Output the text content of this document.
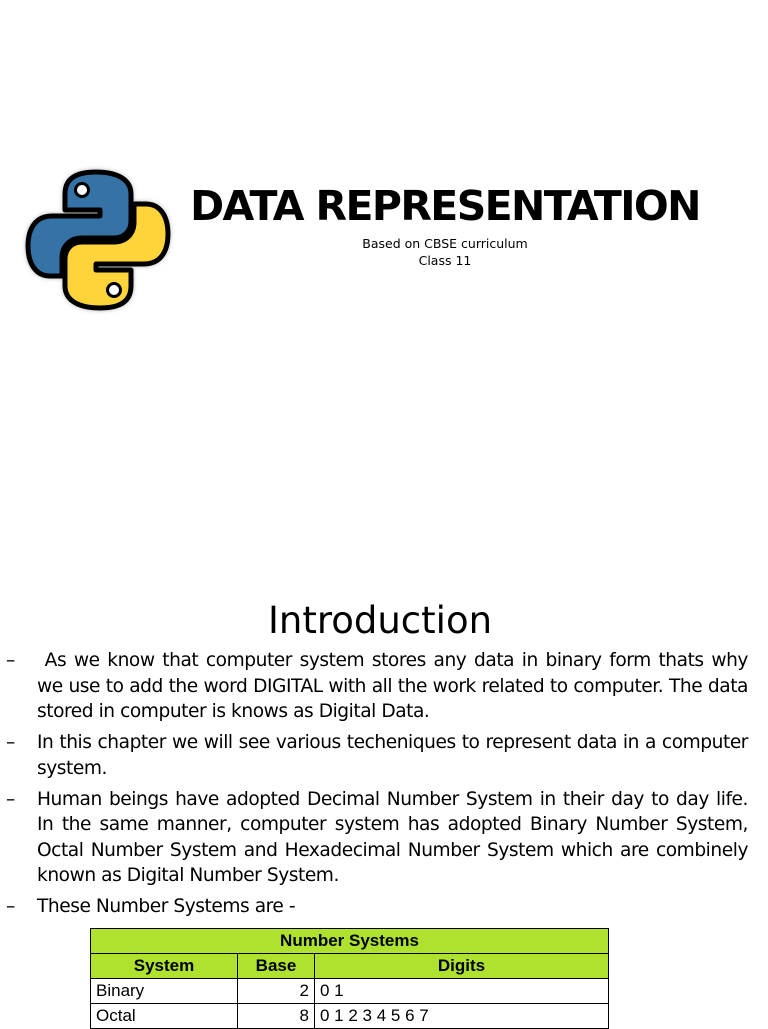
DATA REPRESENTATION
Based on CBSE curriculum
Class 11
Introduction
– As we know that computer system stores any data in binary form thats why we use to add the word DIGITAL with all the work related to computer. The data stored in computer is knows as Digital Data.
– In this chapter we will see various techeniques to represent data in a computer system.
– Human beings have adopted Decimal Number System in their day to day life. In the same manner, computer system has adopted Binary Number System, Octal Number System and Hexadecimal Number System which are combinely known as Digital Number System.
– These Number Systems are -
Number Systems		
System	Base	Digits
Binary	2	0 1
Octal	8	0 1 2 3 4 5 6 7
